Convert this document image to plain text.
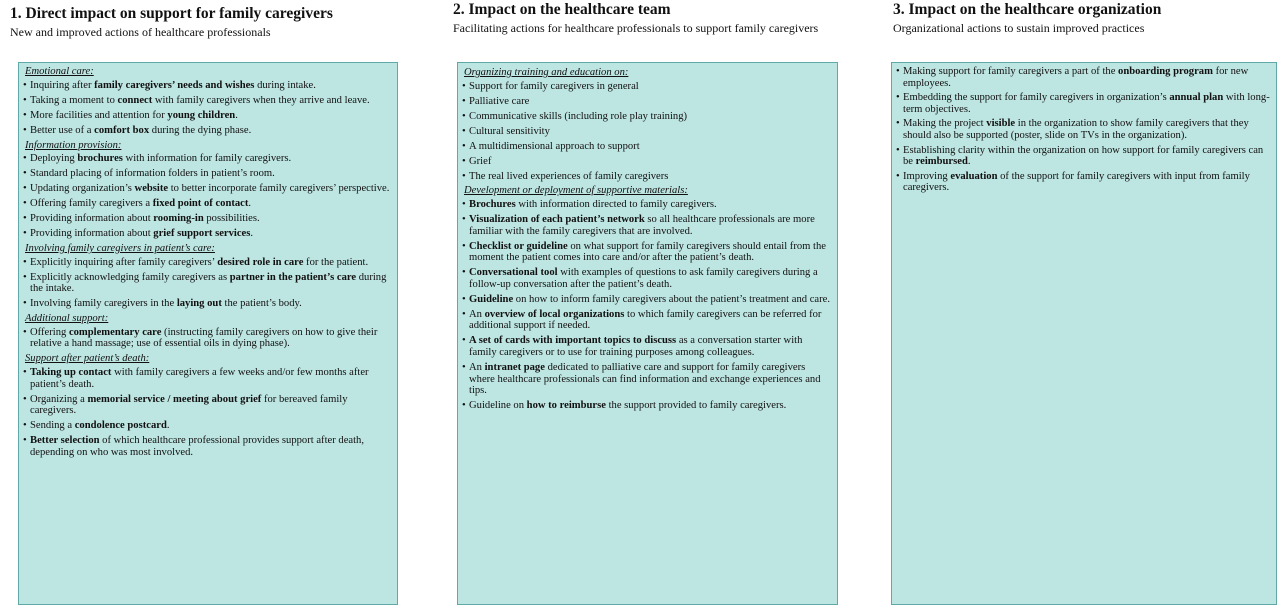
1. Direct impact on support for family caregivers
New and improved actions of healthcare professionals
Emotional care:
• Inquiring after family caregivers’ needs and wishes during intake.
• Taking a moment to connect with family caregivers when they arrive and leave.
• More facilities and attention for young children.
• Better use of a comfort box during the dying phase.
Information provision:
• Deploying brochures with information for family caregivers.
• Standard placing of information folders in patient’s room.
• Updating organization’s website to better incorporate family caregivers’ perspective.
• Offering family caregivers a fixed point of contact.
• Providing information about rooming-in possibilities.
• Providing information about grief support services.
Involving family caregivers in patient’s care:
• Explicitly inquiring after family caregivers’ desired role in care for the patient.
• Explicitly acknowledging family caregivers as partner in the patient’s care during the intake.
• Involving family caregivers in the laying out the patient’s body.
Additional support:
• Offering complementary care (instructing family caregivers on how to give their relative a hand massage; use of essential oils in dying phase).
Support after patient’s death:
• Taking up contact with family caregivers a few weeks and/or few months after patient’s death.
• Organizing a memorial service / meeting about grief for bereaved family caregivers.
• Sending a condolence postcard.
• Better selection of which healthcare professional provides support after death, depending on who was most involved.
2. Impact on the healthcare team
Facilitating actions for healthcare professionals to support family caregivers
Organizing training and education on:
• Support for family caregivers in general
• Palliative care
• Communicative skills (including role play training)
• Cultural sensitivity
• A multidimensional approach to support
• Grief
• The real lived experiences of family caregivers
Development or deployment of supportive materials:
• Brochures with information directed to family caregivers.
• Visualization of each patient’s network so all healthcare professionals are more familiar with the family caregivers that are involved.
• Checklist or guideline on what support for family caregivers should entail from the moment the patient comes into care and/or after the patient’s death.
• Conversational tool with examples of questions to ask family caregivers during a follow-up conversation after the patient’s death.
• Guideline on how to inform family caregivers about the patient’s treatment and care.
• An overview of local organizations to which family caregivers can be referred for additional support if needed.
• A set of cards with important topics to discuss as a conversation starter with family caregivers or to use for training purposes among colleagues.
• An intranet page dedicated to palliative care and support for family caregivers where healthcare professionals can find information and exchange experiences and tips.
• Guideline on how to reimburse the support provided to family caregivers.
3. Impact on the healthcare organization
Organizational actions to sustain improved practices
• Making support for family caregivers a part of the onboarding program for new employees.
• Embedding the support for family caregivers in organization’s annual plan with long-term objectives.
• Making the project visible in the organization to show family caregivers that they should also be supported (poster, slide on TVs in the organization).
• Establishing clarity within the organization on how support for family caregivers can be reimbursed.
• Improving evaluation of the support for family caregivers with input from family caregivers.
